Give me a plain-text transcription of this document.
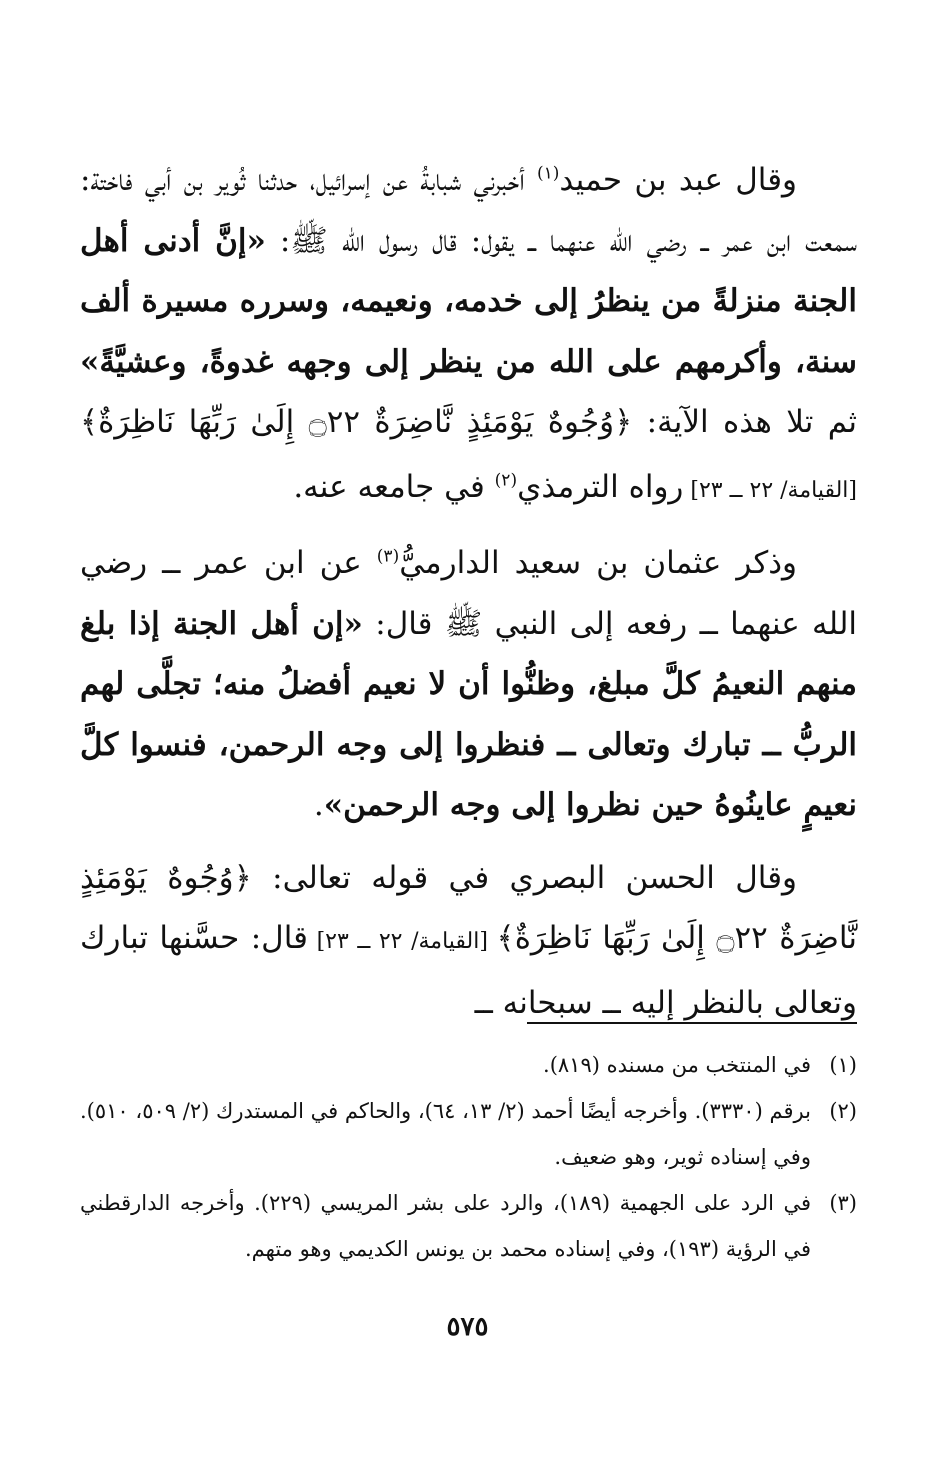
وقال عبد بن حميد$^{(١)}$ أخبرني شبابةُ عن إسرائيل، حدثنا ثُوير بن أبي فاختة: سمعت ابن عمر ــ رضي الله عنهما ــ يقول: قال رسول الله ﷺ: «إنَّ أدنى أهل الجنة منزلةً من ينظرُ إلى خدمه، ونعيمه، وسرره مسيرة ألف سنة، وأكرمهم على الله من ينظر إلى وجهه غدوةً، وعشيَّةً» ثم تلا هذه الآية: ﴿وُجُوهٌ يَوْمَئِذٍ نَّاضِرَةٌ ۝٢٢ إِلَىٰ رَبِّهَا نَاظِرَةٌ﴾ [القيامة/ ٢٢ ــ ٢٣] رواه الترمذي$^{(٢)}$ في جامعه عنه.

وذكر عثمان بن سعيد الدارميُّ$^{(٣)}$ عن ابن عمر ــ رضي الله عنهما ــ رفعه إلى النبي ﷺ قال: «إن أهل الجنة إذا بلغ منهم النعيمُ كلَّ مبلغ، وظنُّوا أن لا نعيم أفضلُ منه؛ تجلَّى لهم الربُّ ــ تبارك وتعالى ــ فنظروا إلى وجه الرحمن، فنسوا كلَّ نعيمٍ عاينُوهُ حين نظروا إلى وجه الرحمن».

وقال الحسن البصري في قوله تعالى: ﴿وُجُوهٌ يَوْمَئِذٍ نَّاضِرَةٌ ۝٢٢ إِلَىٰ رَبِّهَا نَاظِرَةٌ﴾ [القيامة/ ٢٢ ــ ٢٣] قال: حسَّنها تبارك وتعالى بالنظر إليه ــ سبحانه ــ

(١)
في المنتخب من مسنده (٨١٩).
(٢)
برقم (٣٣٣٠). وأخرجه أيضًا أحمد (٢/ ١٣، ٦٤)، والحاكم في المستدرك (٢/ ٥٠٩، ٥١٠). وفي إسناده ثوير، وهو ضعيف.
(٣)
في الرد على الجهمية (١٨٩)، والرد على بشر المريسي (٢٢٩). وأخرجه الدارقطني في الرؤية (١٩٣)، وفي إسناده محمد بن يونس الكديمي وهو متهم.
٥٧٥
